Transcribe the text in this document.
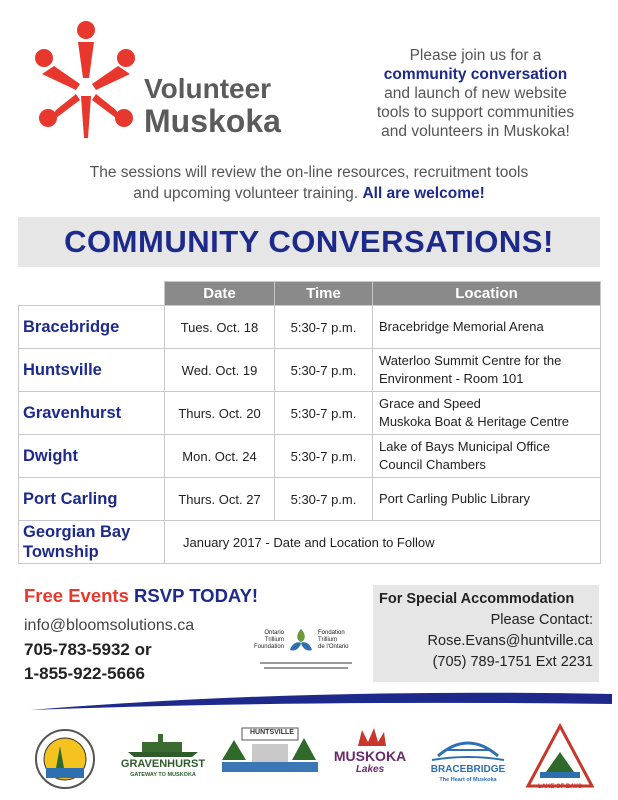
Volunteer
Muskoka
Please join us for a
community conversation
and launch of new website
tools to support communities
and volunteers in Muskoka!
The sessions will review the on-line resources, recruitment tools
and upcoming volunteer training. All are welcome!
COMMUNITY CONVERSATIONS!
	Date	Time	Location
Bracebridge	Tues. Oct. 18	5:30-7 p.m.	Bracebridge Memorial Arena
Huntsville	Wed. Oct. 19	5:30-7 p.m.	Waterloo Summit Centre for the
Environment - Room 101

Gravenhurst	Thurs. Oct. 20	5:30-7 p.m.	Grace and Speed
Muskoka Boat & Heritage Centre

Dwight	Mon. Oct. 24	5:30-7 p.m.	Lake of Bays Municipal Office
Council Chambers

Port Carling	Thurs. Oct. 27	5:30-7 p.m.	Port Carling Public Library

Georgian Bay
Township	January 2017 - Date and Location to Follow		
Free Events RSVP TODAY!
info@bloomsolutions.ca
705-783-5932 or
1-855-922-5666
Ontario
Trillium
Foundation
Fondation
Trillium
de l'Ontario
For Special Accommodation
Please Contact:
Rose.Evans@huntville.ca
(705) 789-1751 Ext 2231
GRAVENHURST
GATEWAY TO MUSKOKA
HUNTSVILLE
MUSKOKA
Lakes	BRACEBRIDGE
The Heart of Muskoka
LAKE OF BAYS
